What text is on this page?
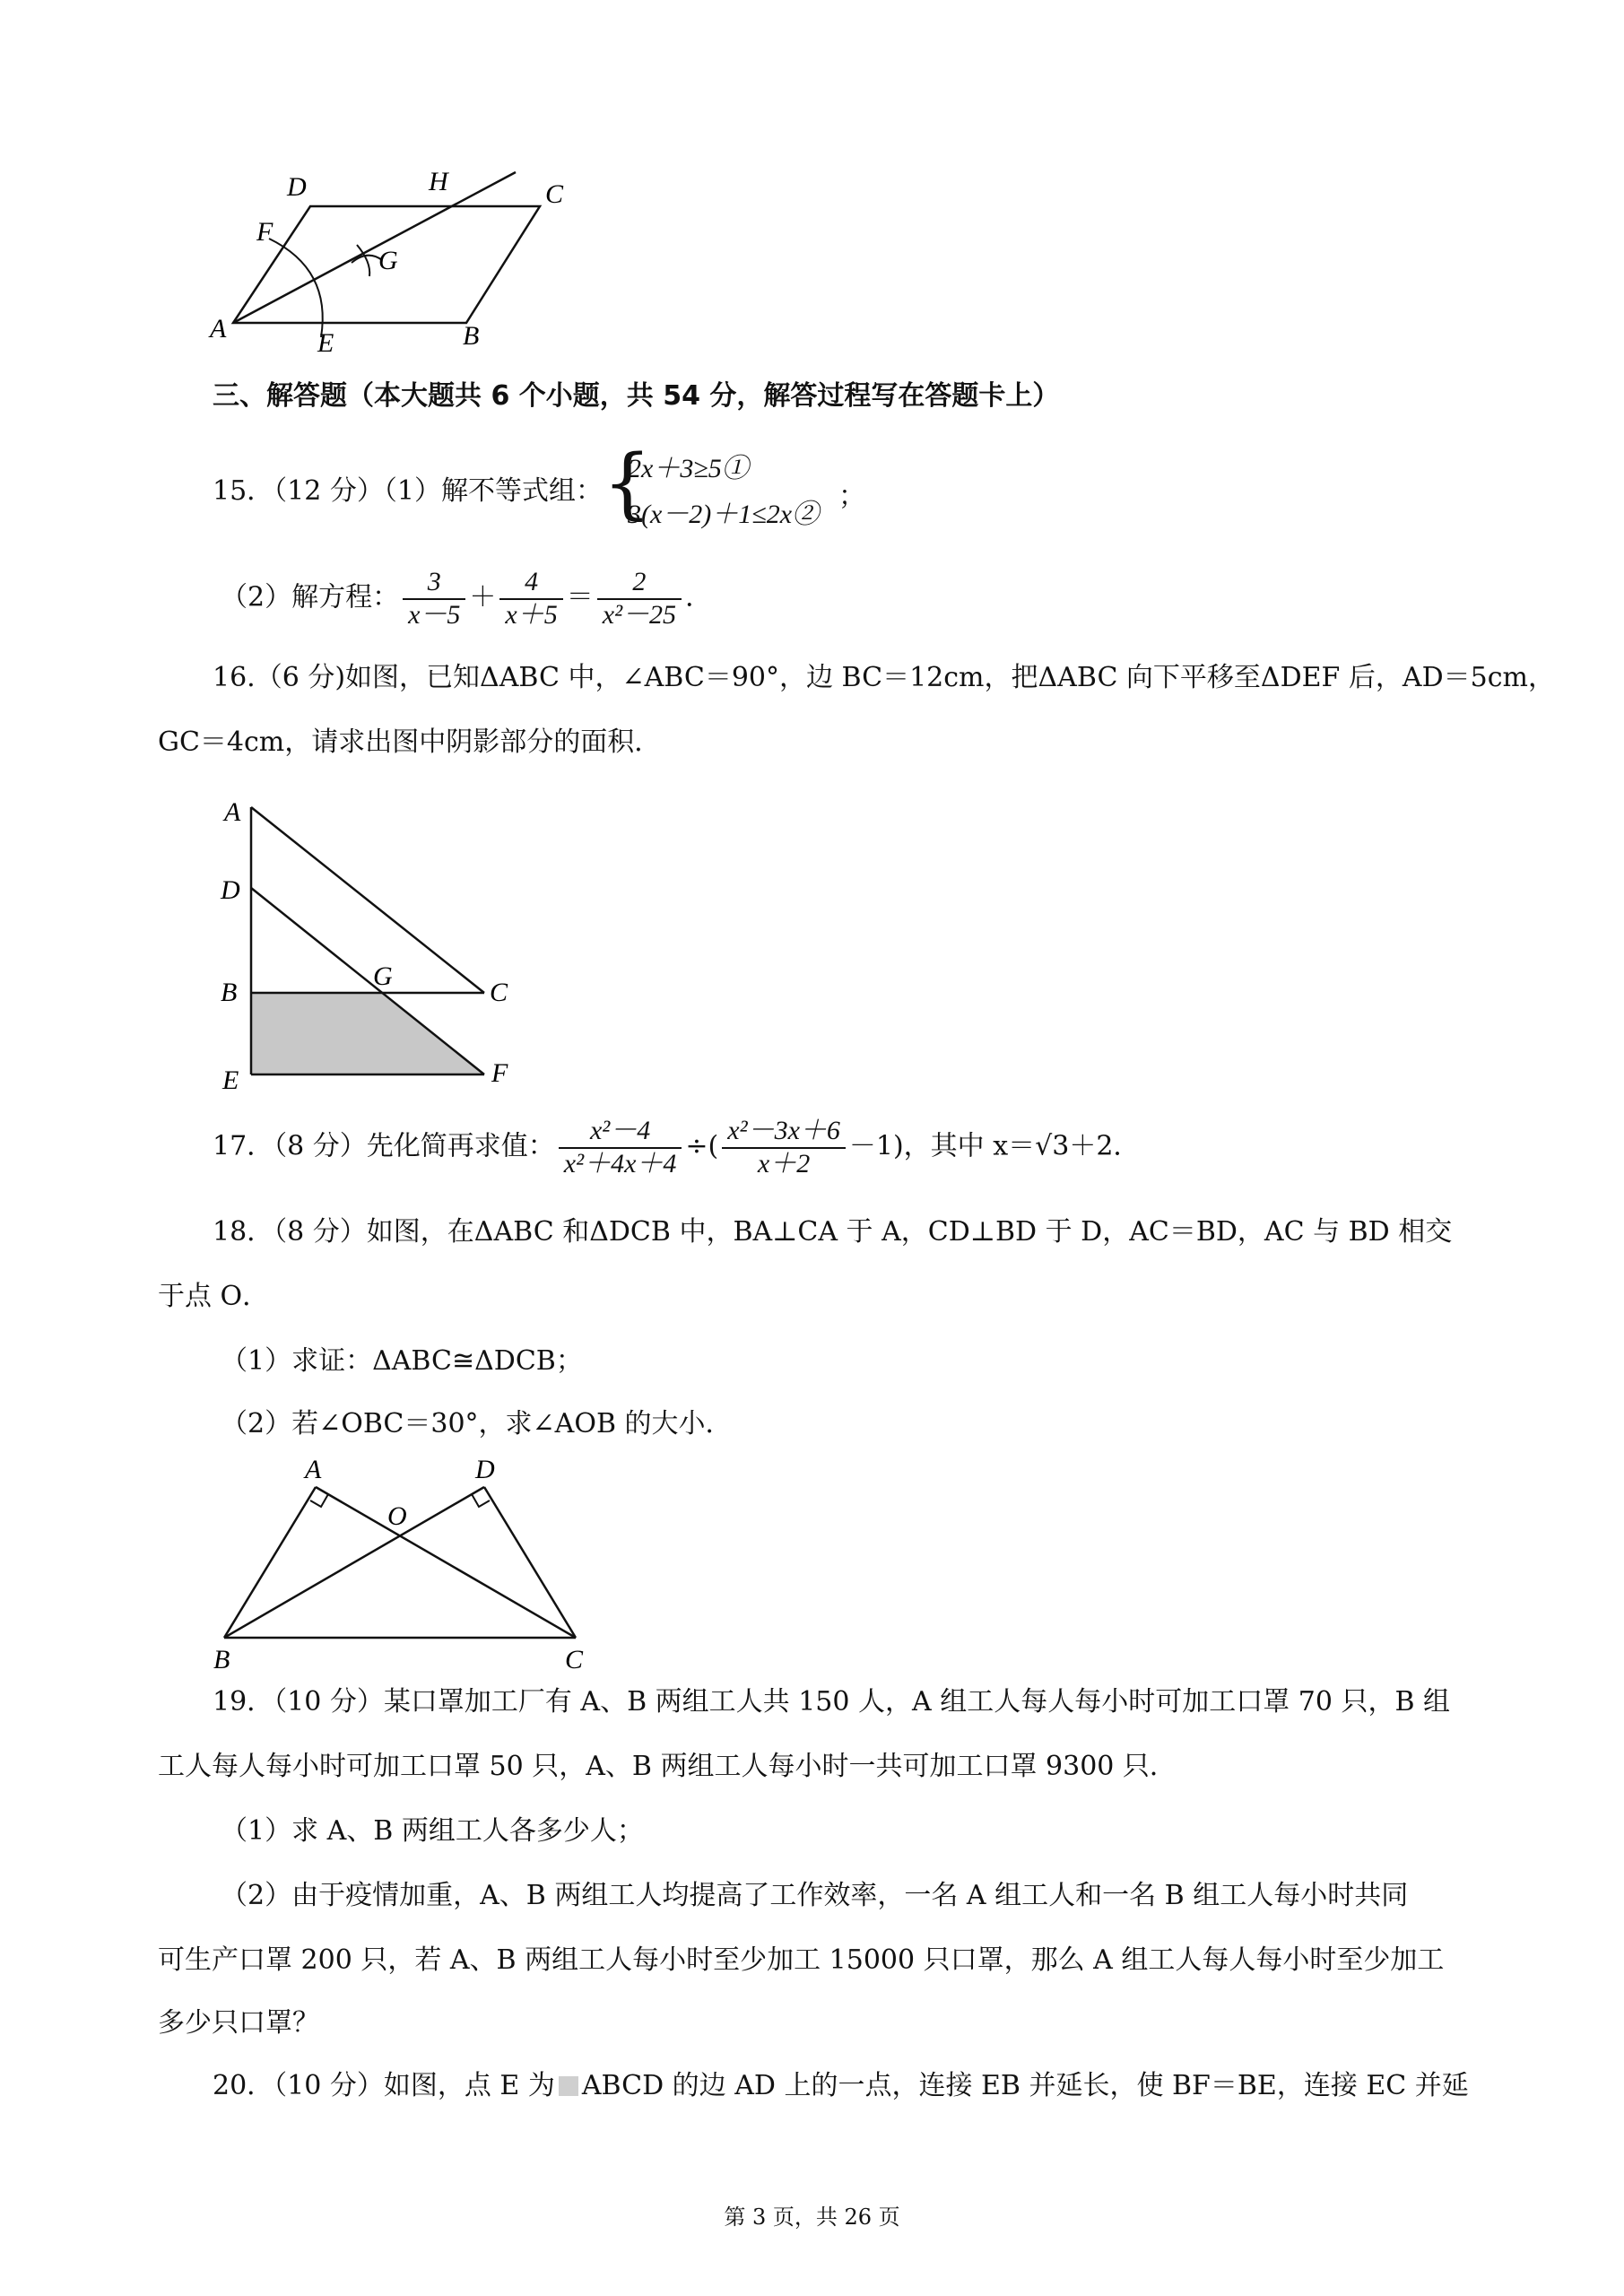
D	H	C
F
G
A	E	B
三、解答题（本大题共 6 个小题，共 54 分，解答过程写在答题卡上）
15．（12 分）（1）解不等式组： {
2x＋3≥5①
3(x－2)＋1≤2x②
；
（2）解方程： $\frac{3}{x-5} + \frac{4}{x+5} = \frac{2}{\text{x²－25}}$ ．
16.（6 分)如图，已知ΔABC 中，∠ABC＝90°，边 BC＝12cm，把ΔABC 向下平移至ΔDEF 后，AD＝5cm，
GC＝4cm，请求出图中阴影部分的面积．
A
D
B
G
C
E	F
17．（8 分）先化简再求值： $\frac{\text{x²－4}}{\text{x²＋4x＋4}}$ ÷( $\frac{\text{x²－3x＋6}}{x+2} -1$)，其中 x＝√3＋2．
18．（8 分）如图，在ΔABC 和ΔDCB 中，BA⊥CA 于 A，CD⊥BD 于 D，AC＝BD，AC 与 BD 相交
于点 O．
（1）求证：ΔABC≅ΔDCB；
（2）若∠OBC＝30°，求∠AOB 的大小．
A	D
O
B	C
19．（10 分）某口罩加工厂有 A、B 两组工人共 150 人，A 组工人每人每小时可加工口罩 70 只，B 组
工人每人每小时可加工口罩 50 只，A、B 两组工人每小时一共可加工口罩 9300 只．
（1）求 A、B 两组工人各多少人；
（2）由于疫情加重，A、B 两组工人均提高了工作效率，一名 A 组工人和一名 B 组工人每小时共同
可生产口罩 200 只，若 A、B 两组工人每小时至少加工 15000 只口罩，那么 A 组工人每人每小时至少加工
多少只口罩？
20．（10 分）如图，点 E 为 ABCD 的边 AD 上的一点，连接 EB 并延长，使 BF＝BE，连接 EC 并延
第 3 页，共 26 页
